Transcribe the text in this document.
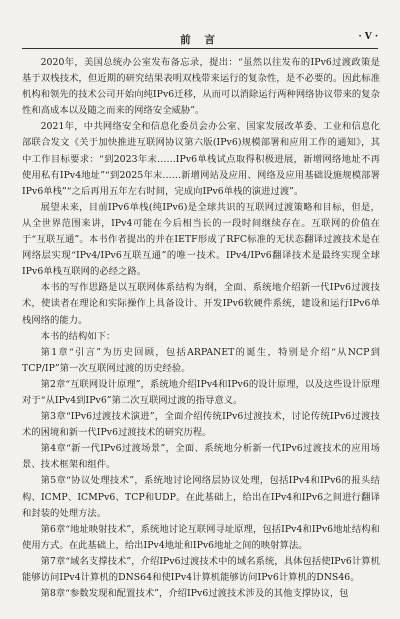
前 言	· V ·

2020年，美国总统办公室发布备忘录，提出：“虽然以往发布的IPv6过渡政策是基于双栈技术，但近期的研究结果表明双栈带来运行的复杂性，是不必要的。因此标准机构和领先的技术公司开始向纯IPv6迁移，从而可以消除运行两种网络协议带来的复杂性和高成本以及随之而来的网络安全威胁”。

2021年，中共网络安全和信息化委员会办公室、国家发展改革委、工业和信息化部联合发文《关于加快推进互联网协议第六版(IPv6)规模部署和应用工作的通知》，其中工作目标要求：“到2023年末……IPv6单栈试点取得积极进展，新增网络地址不再使用私有IPv4地址”“到2025年末……新增网站及应用、网络及应用基础设施规模部署IPv6单栈”“之后再用五年左右时间，完成向IPv6单栈的演进过渡”。

展望未来，目前IPv6单栈(纯IPv6)是全球共识的互联网过渡策略和目标，但是，从全世界范围来讲，IPv4可能在今后相当长的一段时间继续存在。互联网的价值在于“互联互通”。本书作者提出的并在IETF形成了RFC标准的无状态翻译过渡技术是在网络层实现“IPv4/IPv6互联互通”的唯一技术。IPv4/IPv6翻译技术是最终实现全球IPv6单栈互联网的必经之路。

本书的写作思路是以互联网体系结构为纲，全面、系统地介绍新一代IPv6过渡技术，使读者在理论和实际操作上具备设计、开发IPv6软硬件系统，建设和运行IPv6单栈网络的能力。

本书的结构如下：

第1章“引言”为历史回顾，包括ARPANET的诞生，特别是介绍“从NCP到TCP/IP”第一次互联网过渡的历史经验。

第2章“互联网设计原理”，系统地介绍IPv4和IPv6的设计原理，以及这些设计原理对于“从IPv4到IPv6”第二次互联网过渡的指导意义。

第3章“IPv6过渡技术演进”，全面介绍传统IPv6过渡技术，讨论传统IPv6过渡技术的困境和新一代IPv6过渡技术的研究历程。

第4章“新一代IPv6过渡场景”，全面、系统地分析新一代IPv6过渡技术的应用场景、技术框架和组件。

第5章“协议处理技术”，系统地讨论网络层协议处理，包括IPv4和IPv6的报头结构、ICMP、ICMPv6、TCP和UDP。在此基础上，给出在IPv4和IPv6之间进行翻译和封装的处理方法。

第6章“地址映射技术”，系统地讨论互联网寻址原理，包括IPv4和IPv6地址结构和使用方式。在此基础上，给出IPv4地址和IPv6地址之间的映射算法。

第7章“域名支撑技术”，介绍IPv6过渡技术中的域名系统，具体包括使IPv6计算机能够访问IPv4计算机的DNS64和使IPv4计算机能够访问IPv6计算机的DNS46。

第8章“参数发现和配置技术”，介绍IPv6过渡技术涉及的其他支撑协议，包
